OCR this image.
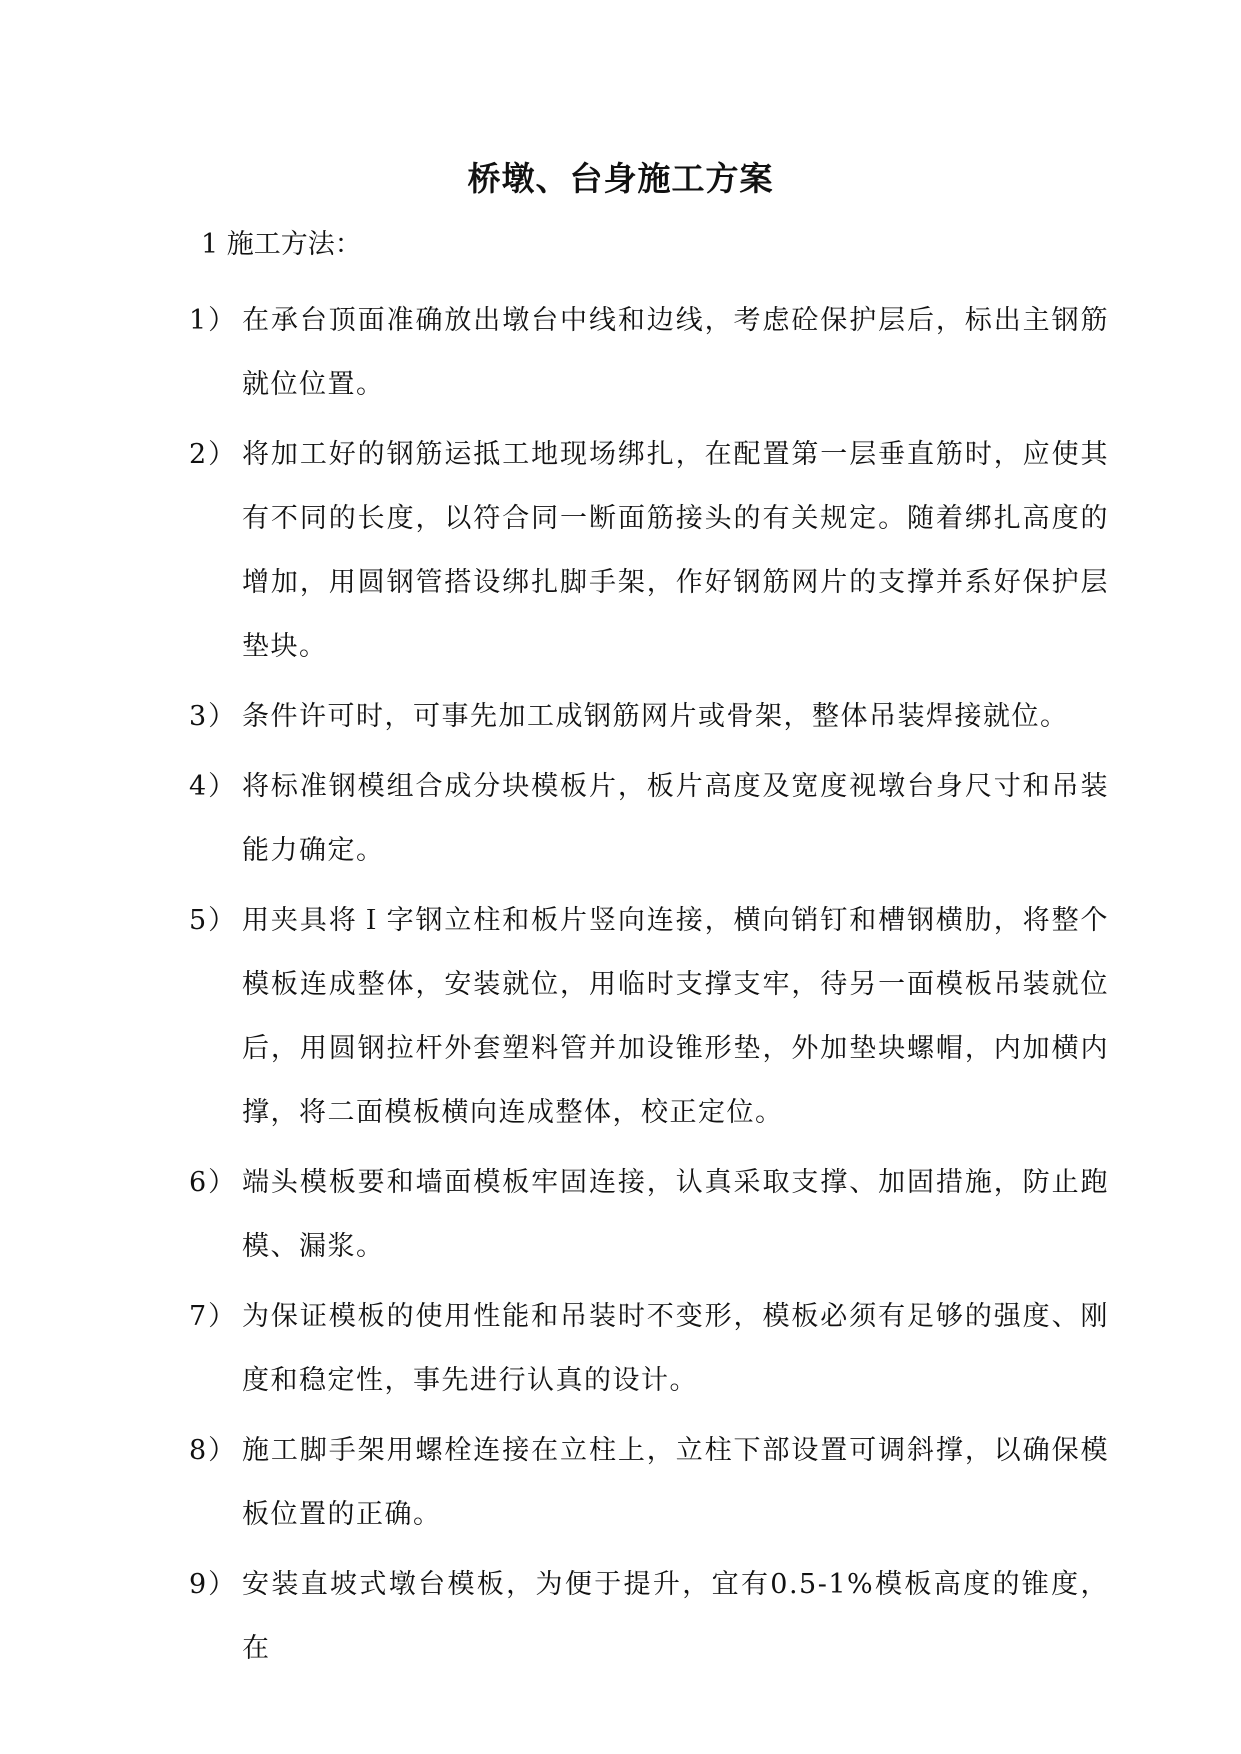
桥墩、台身施工方案
1 施工方法：
1） 在承台顶面准确放出墩台中线和边线，考虑砼保护层后，标出主钢筋就位位置。
2） 将加工好的钢筋运抵工地现场绑扎，在配置第一层垂直筋时，应使其有不同的长度，以符合同一断面筋接头的有关规定。随着绑扎高度的增加，用圆钢管搭设绑扎脚手架，作好钢筋网片的支撑并系好保护层垫块。
3） 条件许可时，可事先加工成钢筋网片或骨架，整体吊装焊接就位。
4） 将标准钢模组合成分块模板片，板片高度及宽度视墩台身尺寸和吊装能力确定。
5） 用夹具将Ｉ字钢立柱和板片竖向连接，横向销钉和槽钢横肋，将整个模板连成整体，安装就位，用临时支撑支牢，待另一面模板吊装就位后，用圆钢拉杆外套塑料管并加设锥形垫，外加垫块螺帽，内加横内撑，将二面模板横向连成整体，校正定位。
6） 端头模板要和墙面模板牢固连接，认真采取支撑、加固措施，防止跑模、漏浆。
7） 为保证模板的使用性能和吊装时不变形，模板必须有足够的强度、刚度和稳定性，事先进行认真的设计。
8） 施工脚手架用螺栓连接在立柱上，立柱下部设置可调斜撑，以确保模板位置的正确。
9） 安装直坡式墩台模板，为便于提升，宜有0.5-1%模板高度的锥度，在
